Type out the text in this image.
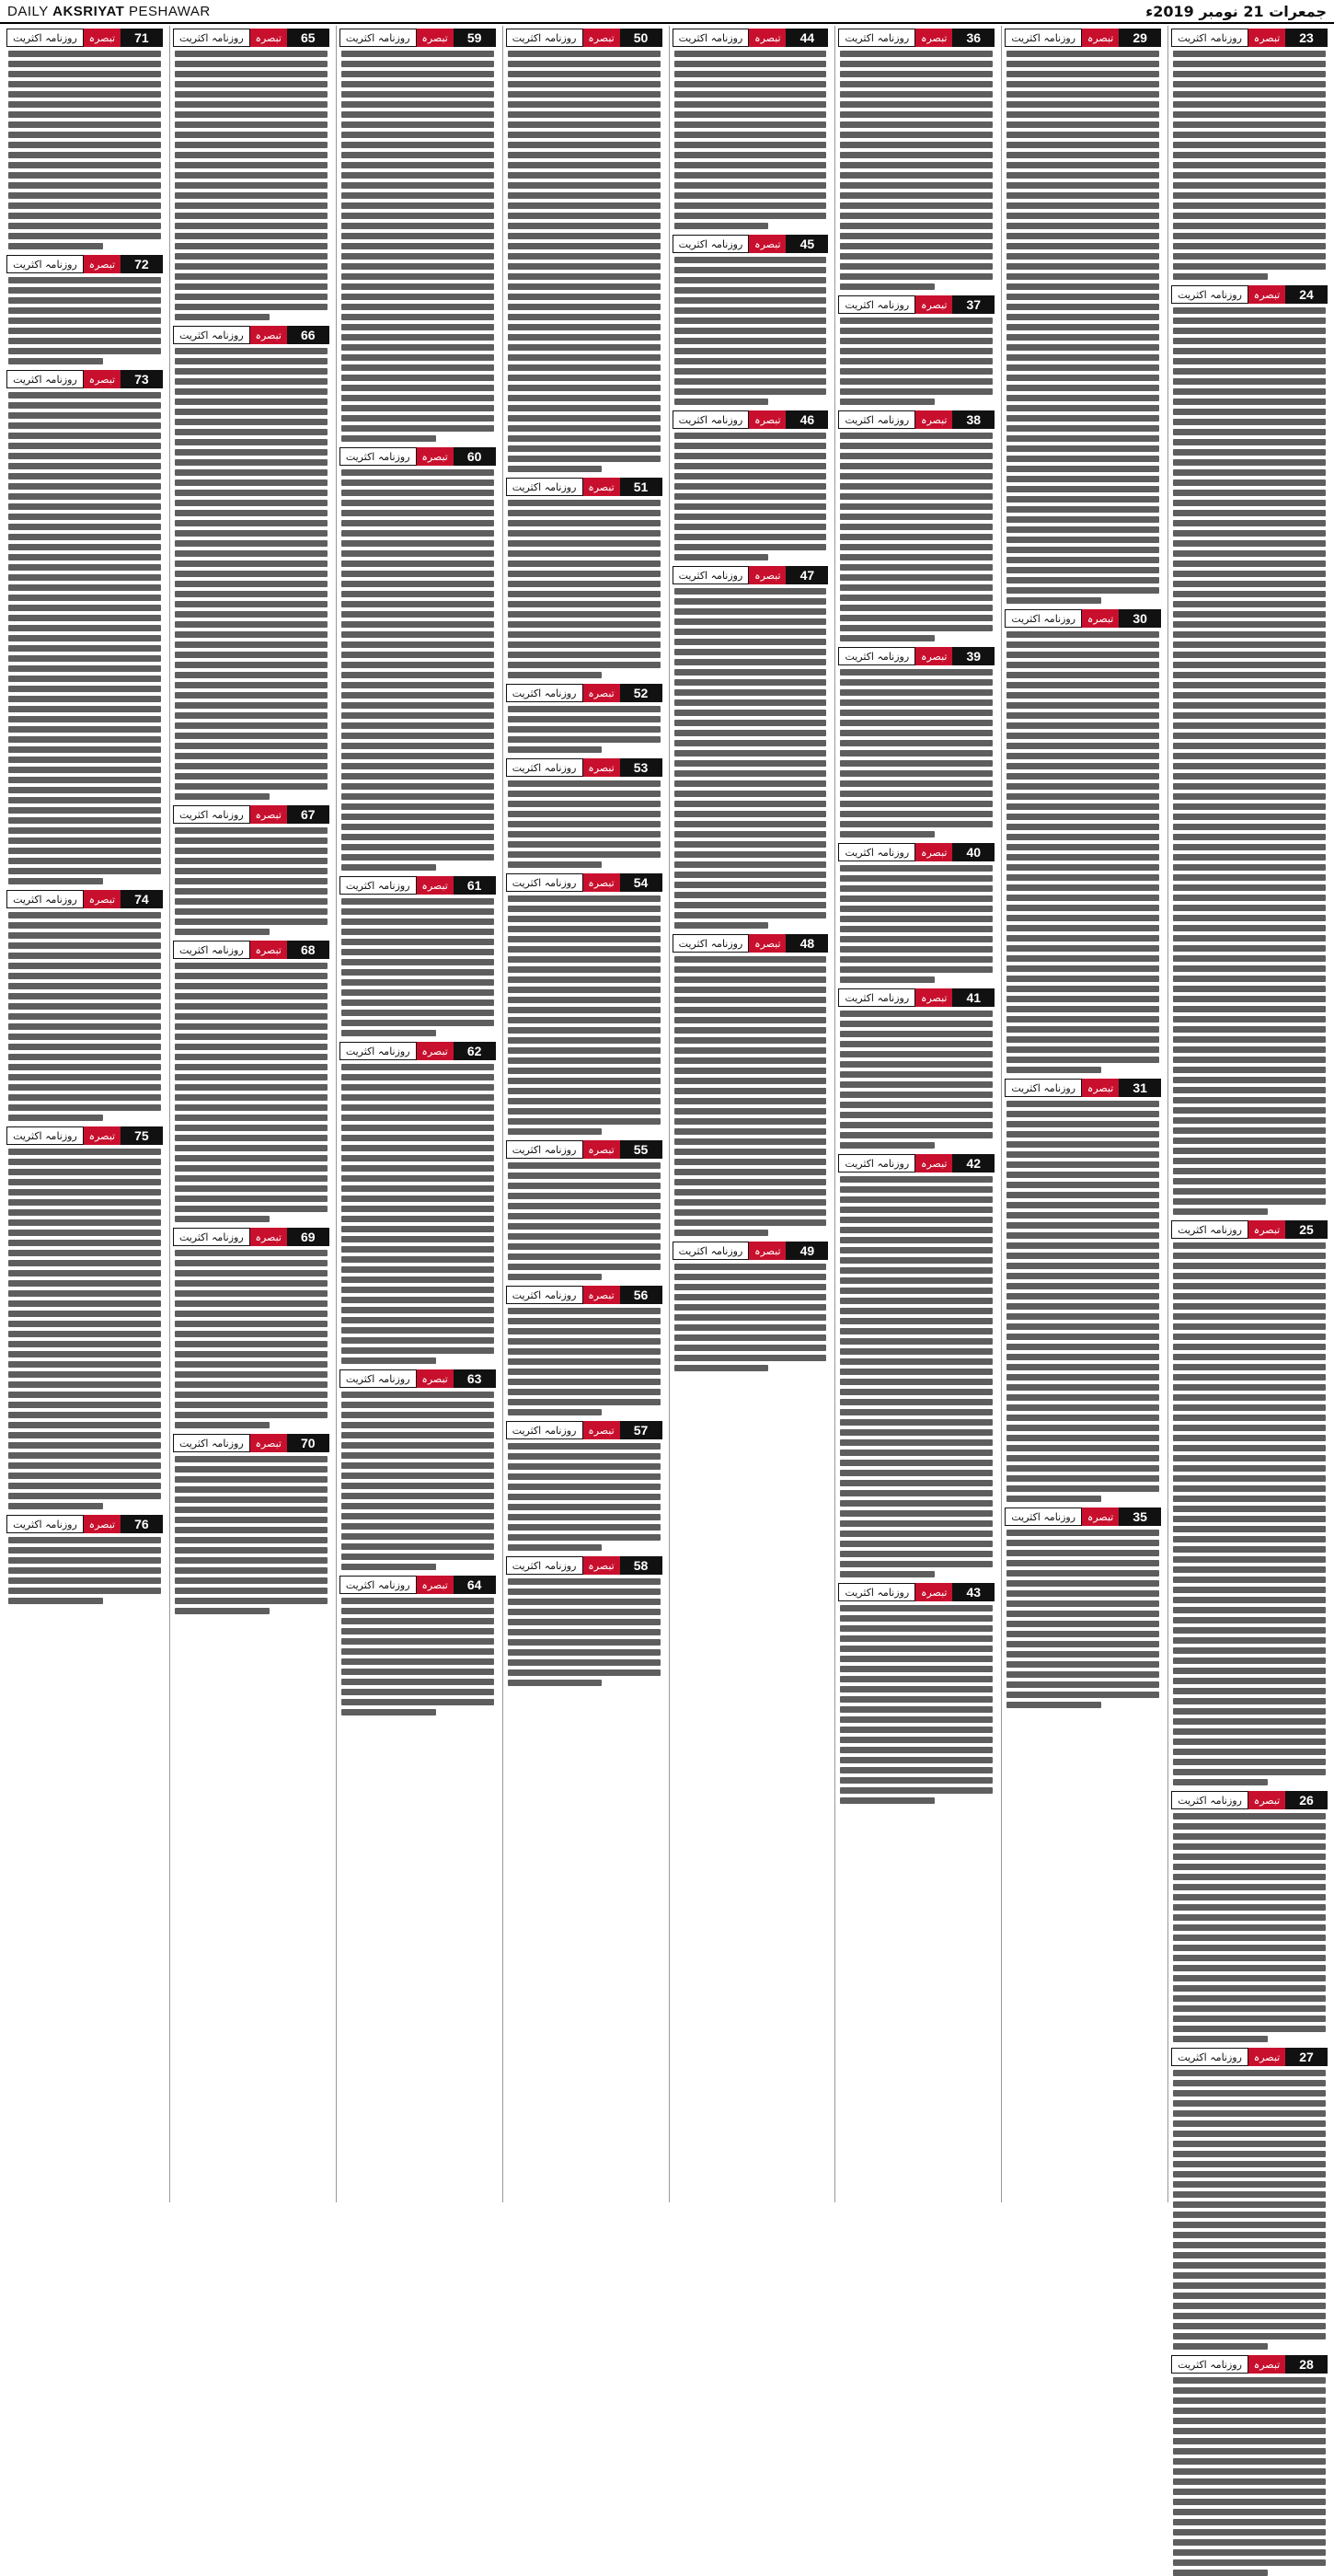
DAILY AKSRIYAT PESHAWAR	جمعرات 21 نومبر 2019ء
23
تبصرہ
روزنامہ اکثریت
24
تبصرہ
روزنامہ اکثریت
25
تبصرہ
روزنامہ اکثریت
26
تبصرہ
روزنامہ اکثریت
27
تبصرہ
روزنامہ اکثریت
28
تبصرہ
روزنامہ اکثریت
29
تبصرہ
روزنامہ اکثریت
30
تبصرہ
روزنامہ اکثریت
31
تبصرہ
روزنامہ اکثریت
35
تبصرہ
روزنامہ اکثریت
36
تبصرہ
روزنامہ اکثریت
37
تبصرہ
روزنامہ اکثریت
38
تبصرہ
روزنامہ اکثریت
39
تبصرہ
روزنامہ اکثریت
40
تبصرہ
روزنامہ اکثریت
41
تبصرہ
روزنامہ اکثریت
42
تبصرہ
روزنامہ اکثریت
43
تبصرہ
روزنامہ اکثریت
44
تبصرہ
روزنامہ اکثریت
45
تبصرہ
روزنامہ اکثریت
46
تبصرہ
روزنامہ اکثریت
47
تبصرہ
روزنامہ اکثریت
48
تبصرہ
روزنامہ اکثریت
49
تبصرہ
روزنامہ اکثریت
50
تبصرہ
روزنامہ اکثریت
51
تبصرہ
روزنامہ اکثریت
52
تبصرہ
روزنامہ اکثریت
53
تبصرہ
روزنامہ اکثریت
54
تبصرہ
روزنامہ اکثریت
55
تبصرہ
روزنامہ اکثریت
56
تبصرہ
روزنامہ اکثریت
57
تبصرہ
روزنامہ اکثریت
58
تبصرہ
روزنامہ اکثریت
59
تبصرہ
روزنامہ اکثریت
60
تبصرہ
روزنامہ اکثریت
61
تبصرہ
روزنامہ اکثریت
62
تبصرہ
روزنامہ اکثریت
63
تبصرہ
روزنامہ اکثریت
64
تبصرہ
روزنامہ اکثریت
65
تبصرہ
روزنامہ اکثریت
66
تبصرہ
روزنامہ اکثریت
67
تبصرہ
روزنامہ اکثریت
68
تبصرہ
روزنامہ اکثریت
69
تبصرہ
روزنامہ اکثریت
70
تبصرہ
روزنامہ اکثریت
71
تبصرہ
روزنامہ اکثریت
72
تبصرہ
روزنامہ اکثریت
73
تبصرہ
روزنامہ اکثریت
74
تبصرہ
روزنامہ اکثریت
75
تبصرہ
روزنامہ اکثریت
76
تبصرہ
روزنامہ اکثریت
